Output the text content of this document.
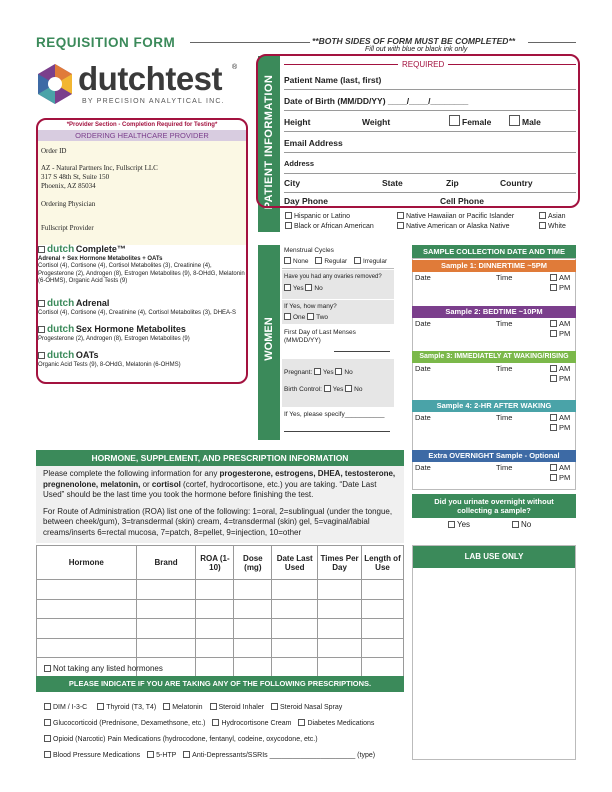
REQUISITION FORM	**BOTH SIDES OF FORM MUST BE COMPLETED**
Fill out with blue or black ink only
dutchtest ®
BY PRECISION ANALYTICAL INC.
*Provider Section - Completion Required for Testing*
ORDERING HEALTHCARE PROVIDER
Order ID
AZ - Natural Partners Inc, Fullscript LLC
317 S 48th St, Suite 150
Phoenix, AZ 85034
Ordering Physician
Fullscript Provider
dutch Complete™
Adrenal + Sex Hormone Metabolites + OATs
Cortisol (4), Cortisone (4), Cortisol Metabolites (3), Creatinine (4), Progesterone (2), Androgen (8), Estrogen Metabolites (9), 8-OHdG, Melatonin (6-OHMS), Organic Acid Tests (9)
dutch Adrenal
Cortisol (4), Cortisone (4), Creatinine (4), Cortisol Metabolites (3), DHEA-S
dutch Sex Hormone Metabolites
Progesterone (2), Androgen (8), Estrogen Metabolites (9)
dutch OATs
Organic Acid Tests (9), 8-OHdG, Melatonin (6-OHMS)
PATIENT INFORMATION
REQUIRED
Patient Name (last, first)
Date of Birth (MM/DD/YY) ____/____/________
Height	Weight	Female	Male
Email Address
Address
City	State	Zip	Country
Day Phone	Cell Phone
Hispanic or Latino	Native Hawaiian or Pacific Islander	Asian
Black or African American	Native American or Alaska Native	White
WOMEN
Menstrual Cycles
None Regular Irregular
Have you had any ovaries removed?
Yes No
If Yes, how many?
One Two
First Day of Last Menses (MM/DD/YY)
Pregnant: Yes No
Birth Control: Yes No
If Yes, please specify___________
SAMPLE COLLECTION DATE AND TIME
Sample 1: DINNERTIME ~5PM
Date	Time	AM
PM
Sample 2: BEDTIME ~10PM
Date	Time	AM
PM
Sample 3: IMMEDIATELY AT WAKING/RISING
Date	Time	AM
PM
Sample 4: 2-HR AFTER WAKING
Date	Time	AM
PM
Extra OVERNIGHT Sample - Optional
Date	Time	AM
PM
Did you urinate overnight without collecting a sample?
Yes	No
HORMONE, SUPPLEMENT, AND PRESCRIPTION INFORMATION
Please complete the following information for any progesterone, estrogens, DHEA, testosterone, pregnenolone, melatonin, or cortisol (cortef, hydrocortisone, etc.) you are taking. “Date Last Used” should be the last time you took the hormone before finishing the test.
For Route of Administration (ROA) list one of the following: 1=oral, 2=sublingual (under the tongue, between cheek/gum), 3=transdermal (skin) cream, 4=transdermal (skin) gel, 5=vaginal/labial creams/inserts 6=rectal mucosa, 7=patch, 8=pellet, 9=injection, 10=other
Hormone	Brand	ROA (1-10)	Dose (mg)	Date Last Used	Times Per Day	Length of Use

Not taking any listed hormones
LAB USE ONLY
PLEASE INDICATE IF YOU ARE TAKING ANY OF THE FOLLOWING PRESCRIPTIONS.
DIM / I-3-C	Thyroid (T3, T4) Melatonin Steroid Inhaler Steroid Nasal Spray
Glucocorticoid (Prednisone, Dexamethsone, etc.) Hydrocortisone Cream Diabetes Medications
Opioid (Narcotic) Pain Medications (hydrocodone, fentanyl, codeine, oxycodone, etc.)
Blood Pressure Medications 5-HTP Anti-Depressants/SSRIs ______________________ (type)
